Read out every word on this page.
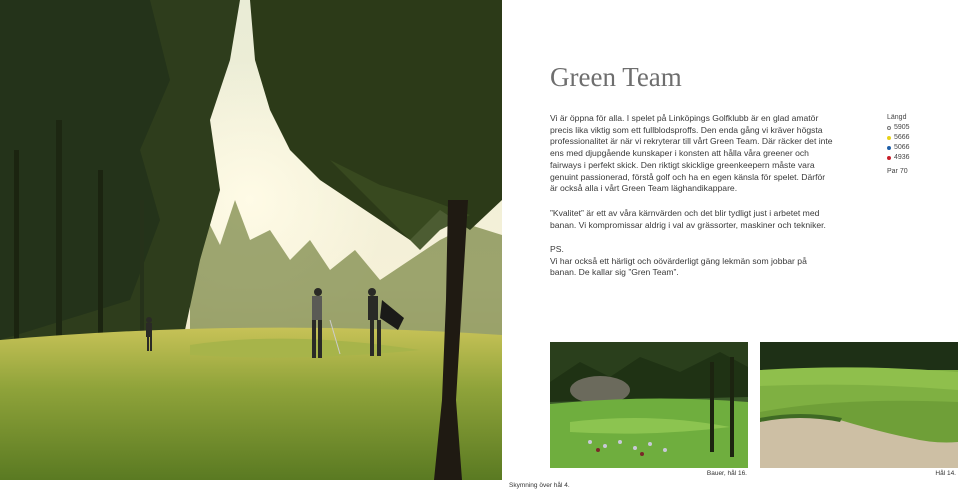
Skymning över hål 4.
Green Team

Vi är öppna för alla. I spelet på Linköpings Golfklubb är en glad amatör precis lika viktig som ett fullblodsproffs. Den enda gång vi kräver högsta professionalitet är när vi rekryterar till vårt Green Team. Där räcker det inte ens med djupgående kunskaper i konsten att hålla våra greener och fairways i perfekt skick. Den riktigt skicklige greenkeepern måste vara genuint passionerad, förstå golf och ha en egen känsla för spelet. Därför är också alla i vårt Green Team läghandikappare.

”Kvalitet” är ett av våra kärnvärden och det blir tydligt just i arbetet med banan. Vi kompromissar aldrig i val av grässorter, maskiner och tekniker.

PS.
Vi har också ett härligt och oövärderligt gäng lekmän som jobbar på banan. De kallar sig ”Gren Team”.
Längd
5905
5666
5066
4936
Par 70
Bauer, hål 16.	Hål 14.
